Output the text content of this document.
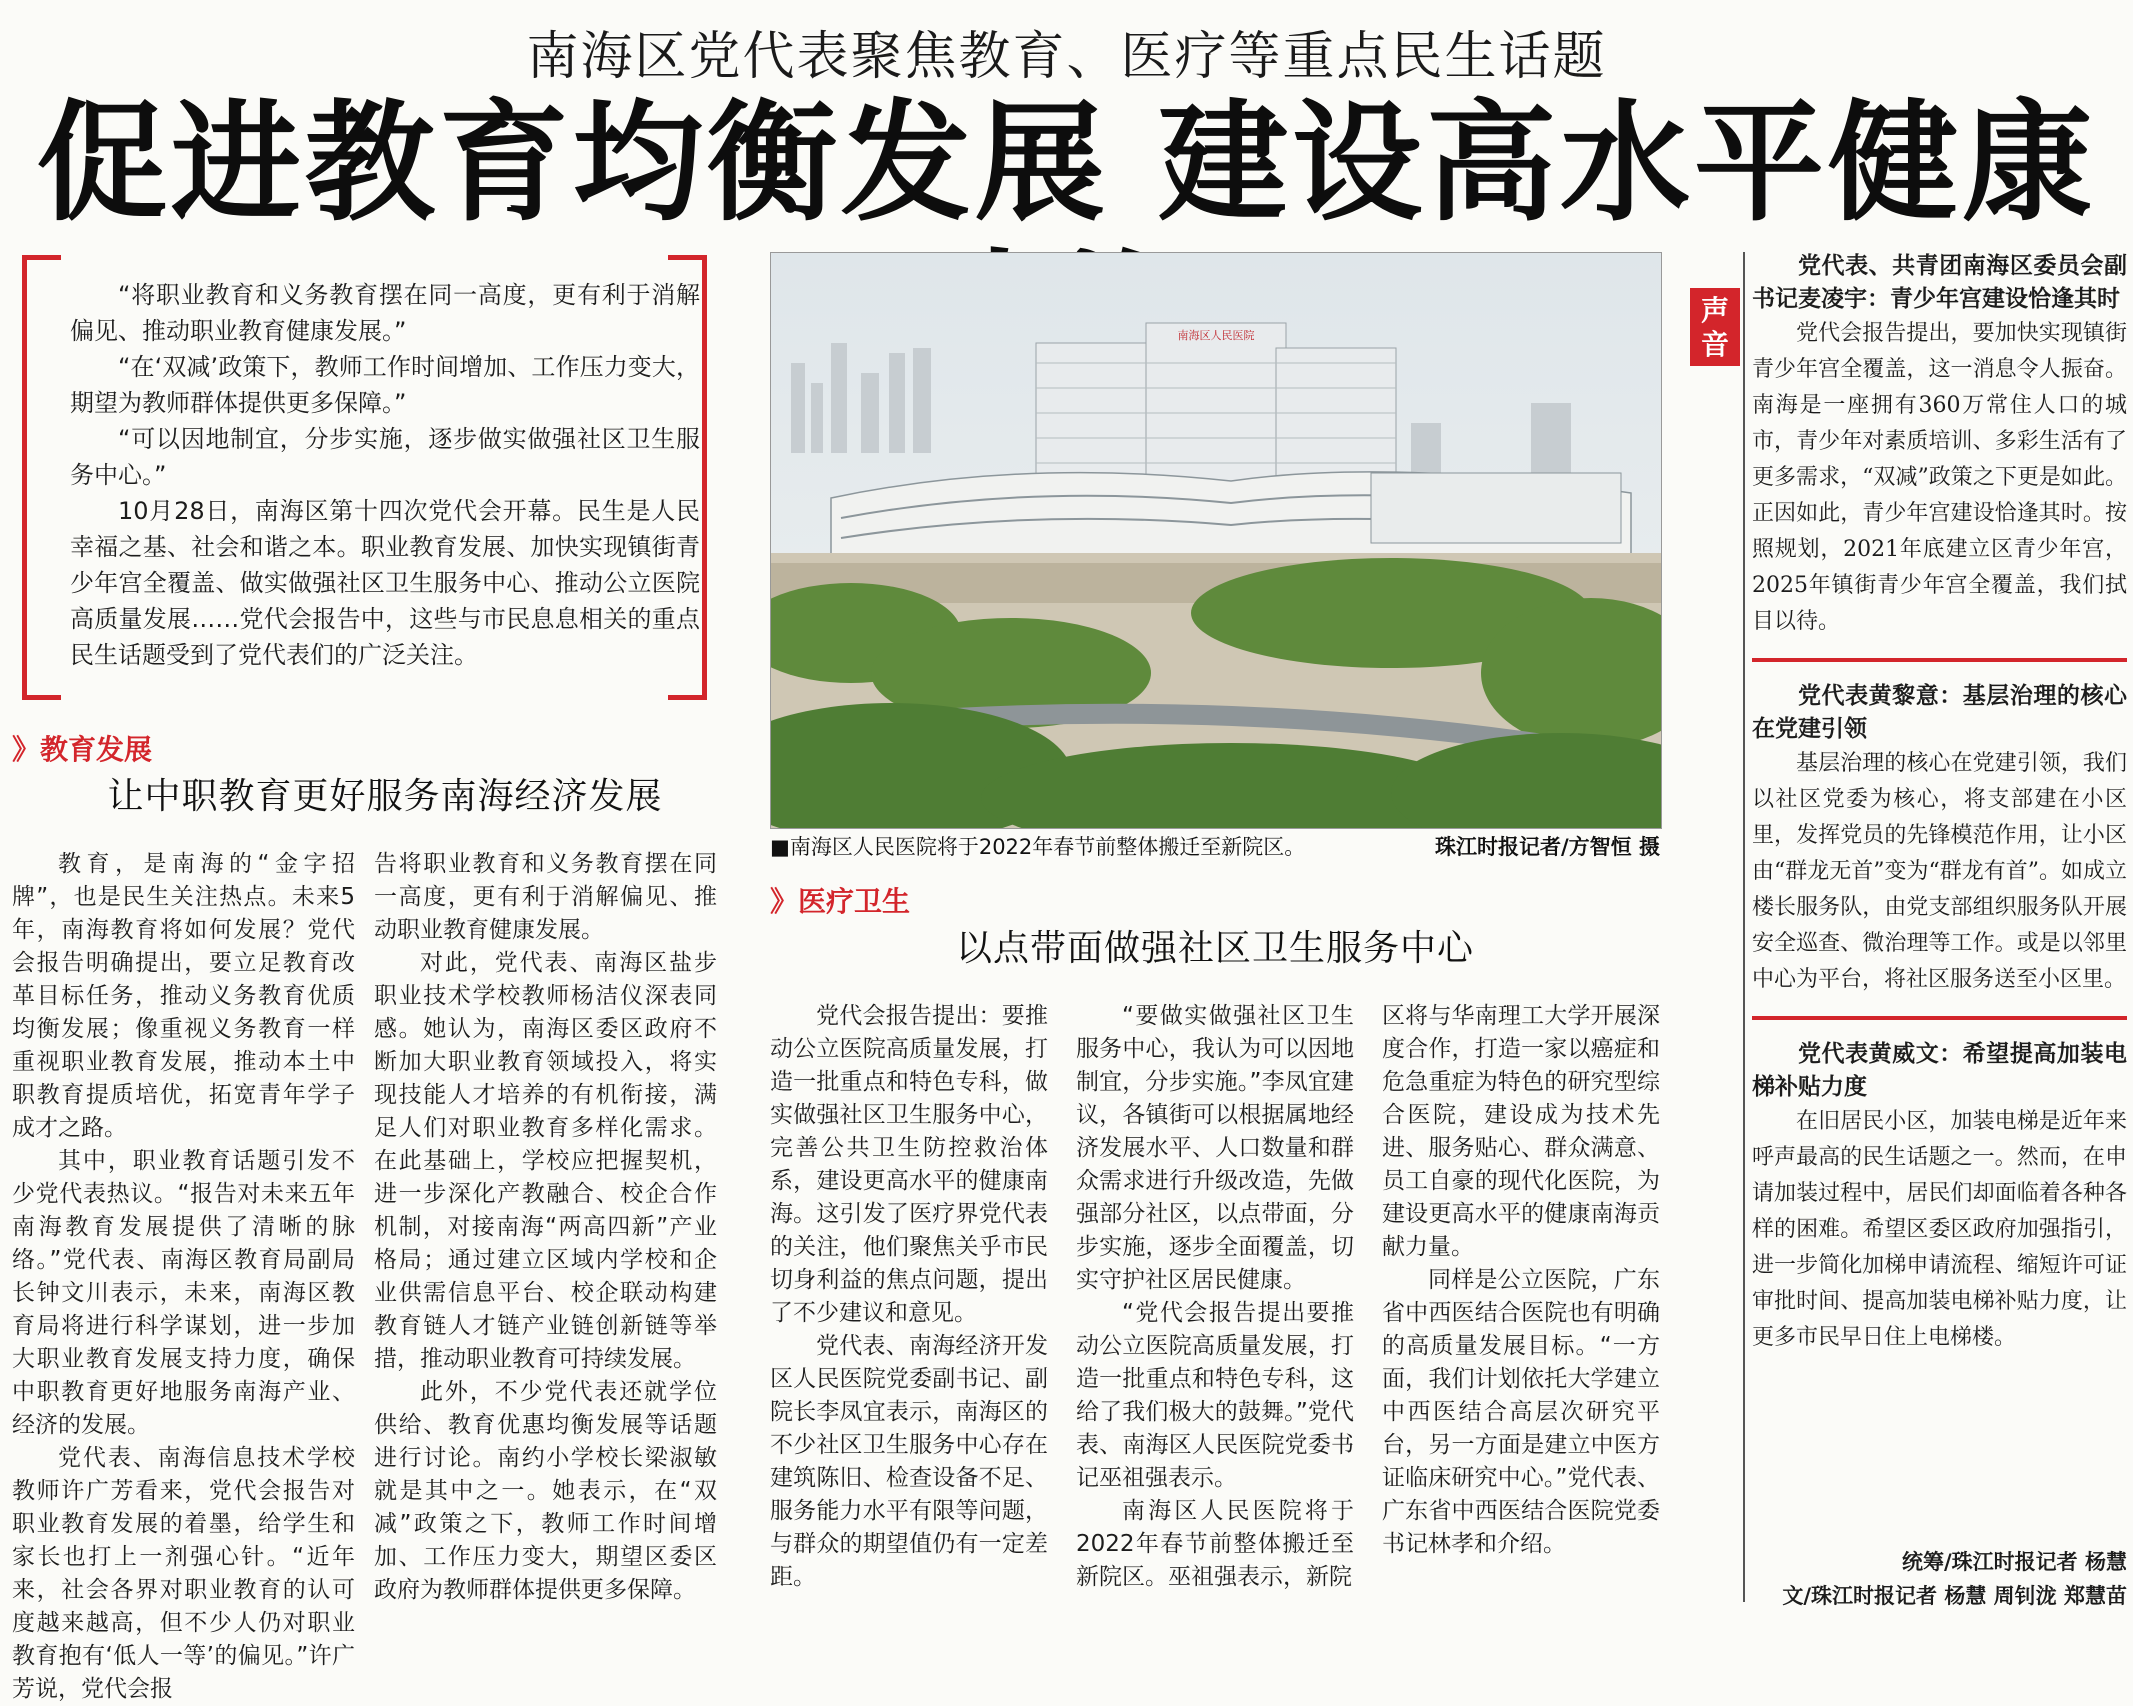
南海区党代表聚焦教育、医疗等重点民生话题
促进教育均衡发展 建设高水平健康

“将职业教育和义务教育摆在同一高度，更有利于消解偏见、推动职业教育健康发展。”

“在‘双减’政策下，教师工作时间增加、工作压力变大，期望为教师群体提供更多保障。”

“可以因地制宜，分步实施，逐步做实做强社区卫生服务中心。”

10月28日，南海区第十四次党代会开幕。民生是人民幸福之基、社会和谐之本。职业教育发展、加快实现镇街青少年宫全覆盖、做实做强社区卫生服务中心、推动公立医院高质量发展……党代会报告中，这些与市民息息相关的重点民生话题受到了党代表们的广泛关注。

》教育发展
让中职教育更好服务南海经济发展

教育，是南海的“金字招牌”，也是民生关注热点。未来5年，南海教育将如何发展？党代会报告明确提出，要立足教育改革目标任务，推动义务教育优质均衡发展；像重视义务教育一样重视职业教育发展，推动本土中职教育提质培优，拓宽青年学子成才之路。

其中，职业教育话题引发不少党代表热议。“报告对未来五年南海教育发展提供了清晰的脉络。”党代表、南海区教育局副局长钟文川表示，未来，南海区教育局将进行科学谋划，进一步加大职业教育发展支持力度，确保中职教育更好地服务南海产业、经济的发展。

党代表、南海信息技术学校教师许广芳看来，党代会报告对职业教育发展的着墨，给学生和家长也打上一剂强心针。“近年来，社会各界对职业教育的认可度越来越高，但不少人仍对职业教育抱有‘低人一等’的偏见。”许广芳说，党代会报

告将职业教育和义务教育摆在同一高度，更有利于消解偏见、推动职业教育健康发展。

对此，党代表、南海区盐步职业技术学校教师杨洁仪深表同感。她认为，南海区委区政府不断加大职业教育领域投入，将实现技能人才培养的有机衔接，满足人们对职业教育多样化需求。在此基础上，学校应把握契机，进一步深化产教融合、校企合作机制，对接南海“两高四新”产业格局；通过建立区域内学校和企业供需信息平台、校企联动构建教育链人才链产业链创新链等举措，推动职业教育可持续发展。

此外，不少党代表还就学位供给、教育优惠均衡发展等话题进行讨论。南约小学校长梁淑敏就是其中之一。她表示，在“双减”政策之下，教师工作时间增加、工作压力变大，期望区委区政府为教师群体提供更多保障。

南海区人民医院
■南海区人民医院将于2022年春节前整体搬迁至新院区。	珠江时报记者/方智恒 摄
》医疗卫生
以点带面做强社区卫生服务中心

党代会报告提出：要推动公立医院高质量发展，打造一批重点和特色专科，做实做强社区卫生服务中心，完善公共卫生防控救治体系，建设更高水平的健康南海。这引发了医疗界党代表的关注，他们聚焦关乎市民切身利益的焦点问题，提出了不少建议和意见。

党代表、南海经济开发区人民医院党委副书记、副院长李凤宜表示，南海区的不少社区卫生服务中心存在建筑陈旧、检查设备不足、服务能力水平有限等问题，与群众的期望值仍有一定差距。

“要做实做强社区卫生服务中心，我认为可以因地制宜，分步实施。”李凤宜建议，各镇街可以根据属地经济发展水平、人口数量和群众需求进行升级改造，先做强部分社区，以点带面，分步实施，逐步全面覆盖，切实守护社区居民健康。

“党代会报告提出要推动公立医院高质量发展，打造一批重点和特色专科，这给了我们极大的鼓舞。”党代表、南海区人民医院党委书记巫祖强表示。

南海区人民医院将于2022年春节前整体搬迁至新院区。巫祖强表示，新院

区将与华南理工大学开展深度合作，打造一家以癌症和危急重症为特色的研究型综合医院，建设成为技术先进、服务贴心、群众满意、员工自豪的现代化医院，为建设更高水平的健康南海贡献力量。

同样是公立医院，广东省中西医结合医院也有明确的高质量发展目标。“一方面，我们计划依托大学建立中西医结合高层次研究平台，另一方面是建立中医方证临床研究中心。”党代表、广东省中西医结合医院党委书记林孝和介绍。

声音
党代表、共青团南海区委员会副书记麦凌宇：青少年宫建设恰逢其时
党代会报告提出，要加快实现镇街青少年宫全覆盖，这一消息令人振奋。南海是一座拥有360万常住人口的城市，青少年对素质培训、多彩生活有了更多需求，“双减”政策之下更是如此。正因如此，青少年宫建设恰逢其时。按照规划，2021年底建立区青少年宫，2025年镇街青少年宫全覆盖，我们拭目以待。
党代表黄黎意：基层治理的核心在党建引领
基层治理的核心在党建引领，我们以社区党委为核心，将支部建在小区里，发挥党员的先锋模范作用，让小区由“群龙无首”变为“群龙有首”。如成立楼长服务队，由党支部组织服务队开展安全巡查、微治理等工作。或是以邻里中心为平台，将社区服务送至小区里。
党代表黄威文：希望提高加装电梯补贴力度
在旧居民小区，加装电梯是近年来呼声最高的民生话题之一。然而，在申请加装过程中，居民们却面临着各种各样的困难。希望区委区政府加强指引，进一步简化加梯申请流程、缩短许可证审批时间、提高加装电梯补贴力度，让更多市民早日住上电梯楼。
统筹/珠江时报记者 杨慧
文/珠江时报记者 杨慧 周钊泷 郑慧苗
